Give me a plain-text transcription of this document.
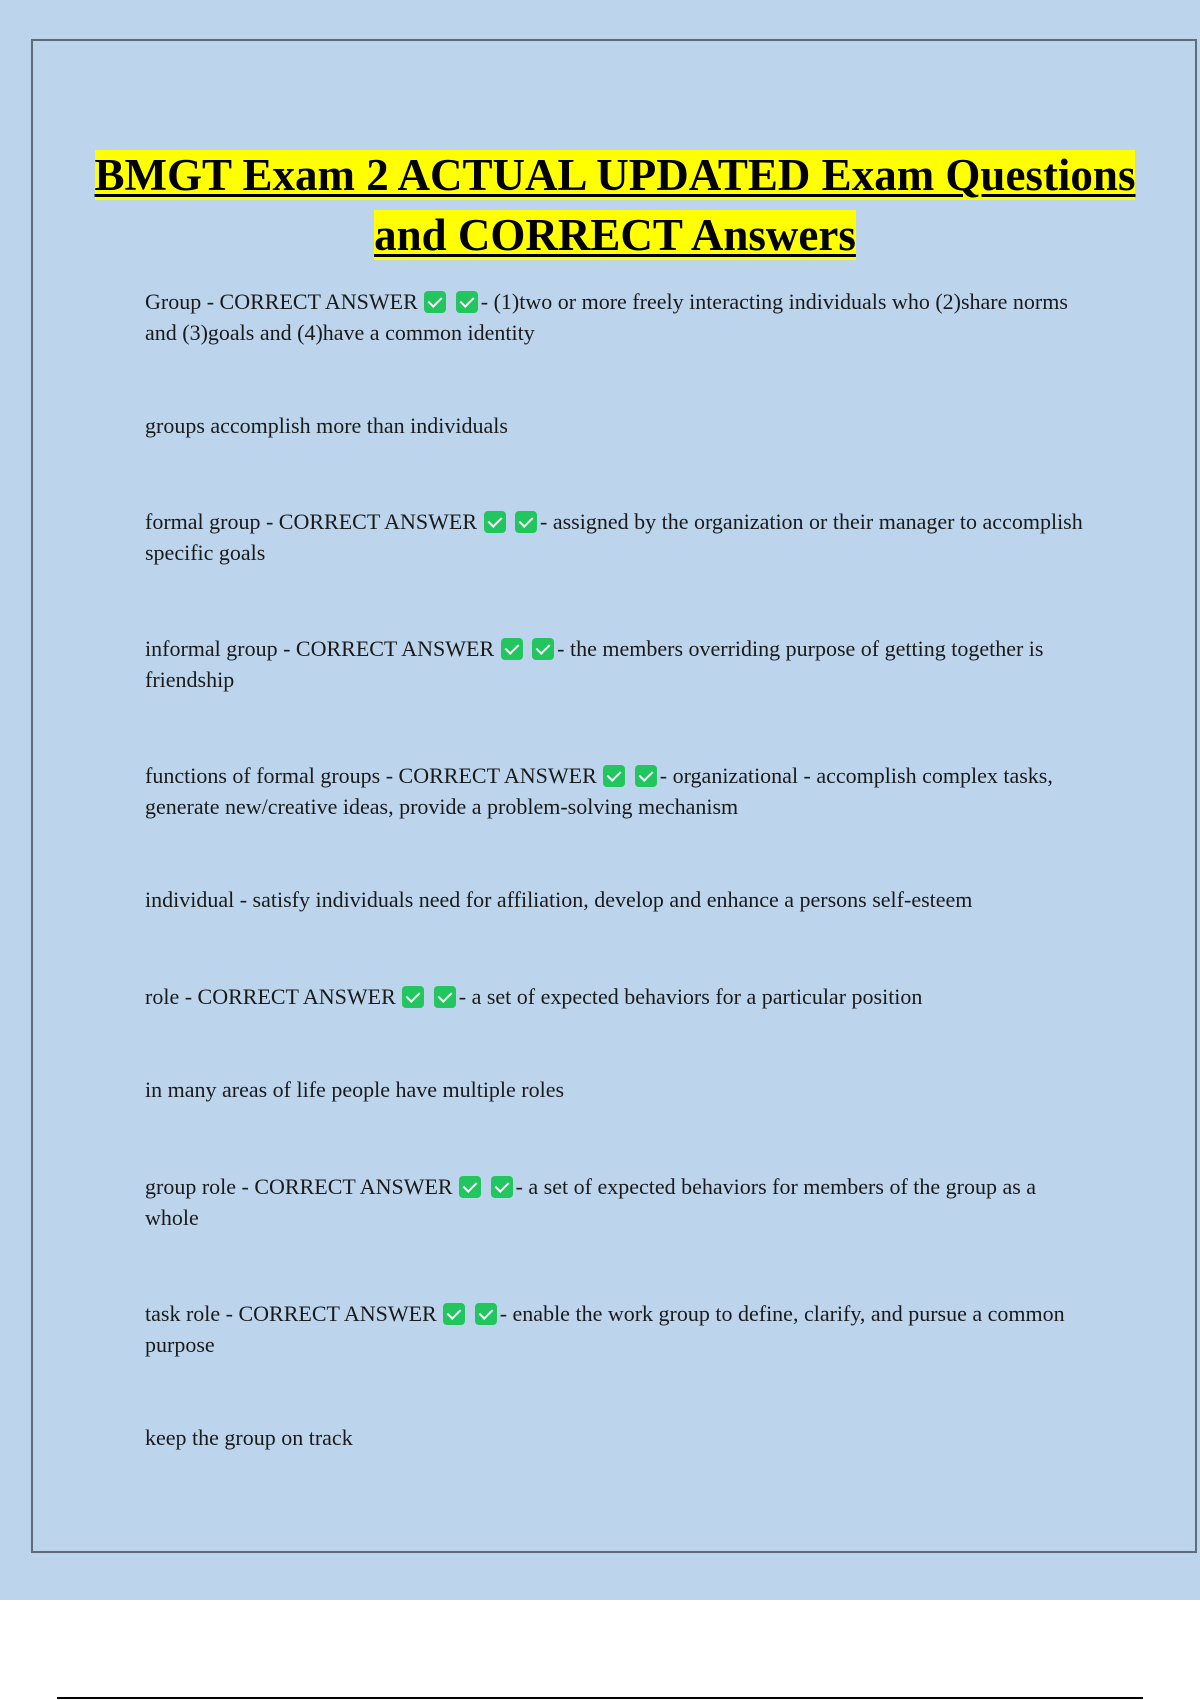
BMGT Exam 2 ACTUAL UPDATED Exam Questions and CORRECT Answers

Group - CORRECT ANSWER	- (1)two or more freely interacting individuals who (2)share norms and (3)goals and (4)have a common identity

groups accomplish more than individuals

formal group - CORRECT ANSWER	- assigned by the organization or their manager to accomplish specific goals

informal group - CORRECT ANSWER	- the members overriding purpose of getting together is friendship

functions of formal groups - CORRECT ANSWER	- organizational - accomplish complex tasks, generate new/creative ideas, provide a problem-solving mechanism

individual - satisfy individuals need for affiliation, develop and enhance a persons self-esteem

role - CORRECT ANSWER	- a set of expected behaviors for a particular position

in many areas of life people have multiple roles

group role - CORRECT ANSWER	- a set of expected behaviors for members of the group as a whole

task role - CORRECT ANSWER	- enable the work group to define, clarify, and pursue a common purpose

keep the group on track
